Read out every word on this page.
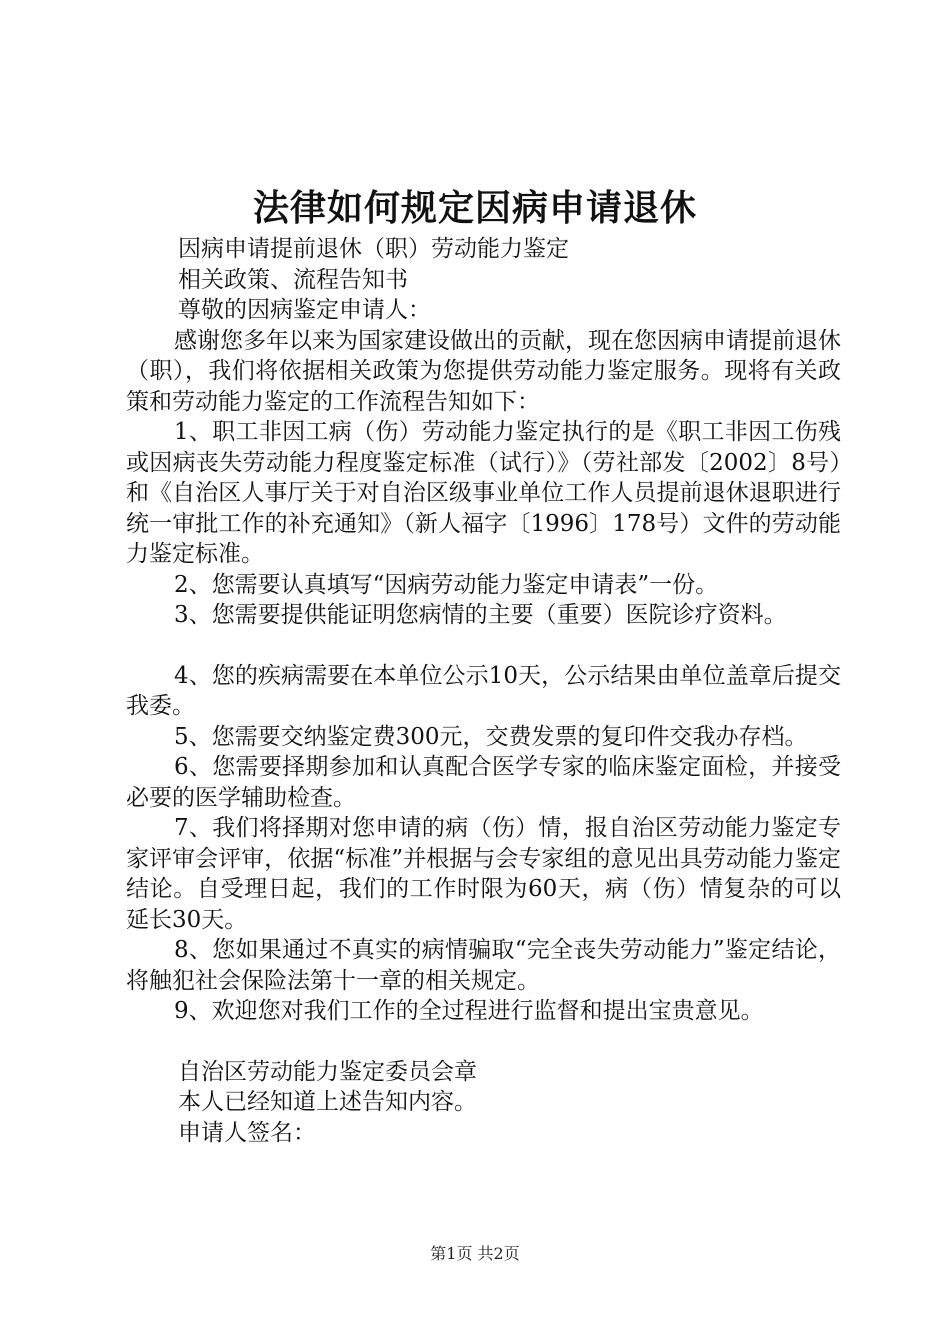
法律如何规定因病申请退休

因病申请提前退休（职）劳动能力鉴定

相关政策、流程告知书

尊敬的因病鉴定申请人：

感谢您多年以来为国家建设做出的贡献，现在您因病申请提前退休（职），我们将依据相关政策为您提供劳动能力鉴定服务。现将有关政策和劳动能力鉴定的工作流程告知如下：

1、职工非因工病（伤）劳动能力鉴定执行的是《职工非因工伤残或因病丧失劳动能力程度鉴定标准（试行）》（劳社部发〔2002〕8号）和《自治区人事厅关于对自治区级事业单位工作人员提前退休退职进行统一审批工作的补充通知》（新人福字〔1996〕178号）文件的劳动能力鉴定标准。

2、您需要认真填写“因病劳动能力鉴定申请表”一份。

3、您需要提供能证明您病情的主要（重要）医院诊疗资料。

4、您的疾病需要在本单位公示10天，公示结果由单位盖章后提交我委。

5、您需要交纳鉴定费300元，交费发票的复印件交我办存档。

6、您需要择期参加和认真配合医学专家的临床鉴定面检，并接受必要的医学辅助检查。

7、我们将择期对您申请的病（伤）情，报自治区劳动能力鉴定专家评审会评审，依据“标准”并根据与会专家组的意见出具劳动能力鉴定结论。自受理日起，我们的工作时限为60天，病（伤）情复杂的可以延长30天。

8、您如果通过不真实的病情骗取“完全丧失劳动能力”鉴定结论，将触犯社会保险法第十一章的相关规定。

9、欢迎您对我们工作的全过程进行监督和提出宝贵意见。

自治区劳动能力鉴定委员会章

本人已经知道上述告知内容。

申请人签名：

第1页 共2页
